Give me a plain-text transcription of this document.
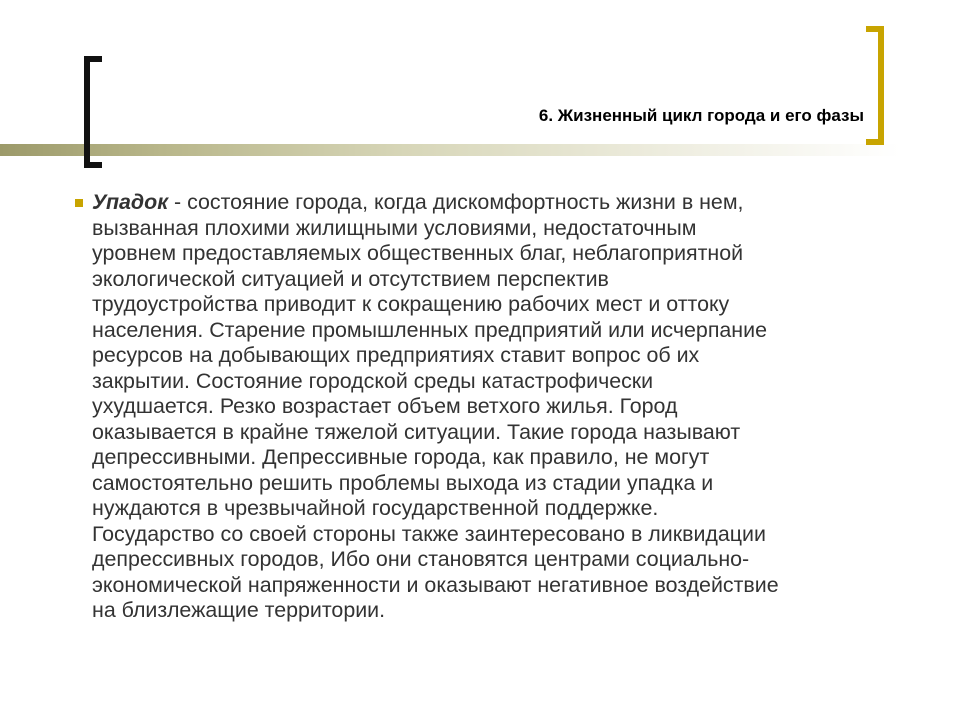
6. Жизненный цикл города и его фазы

Упадок - состояние города, когда дискомфортность жизни в нем,
вызванная плохими жилищными условиями, недостаточным
уровнем предоставляемых общественных благ, неблагоприятной
экологической ситуацией и отсутствием перспектив
трудоустройства приводит к сокращению рабочих мест и оттоку
населения. Старение промышленных предприятий или исчерпание
ресурсов на добывающих предприятиях ставит вопрос об их
закрытии. Состояние городской среды катастрофически
ухудшается. Резко возрастает объем ветхого жилья. Город
оказывается в крайне тяжелой ситуации. Такие города называют
депрессивными. Депрессивные города, как правило, не могут
самостоятельно решить проблемы выхода из стадии упадка и
нуждаются в чрезвычайной государственной поддержке.
Государство со своей стороны также заинтересовано в ликвидации
депрессивных городов, Ибо они становятся центрами социально-
экономической напряженности и оказывают негативное воздействие
на близлежащие территории.
